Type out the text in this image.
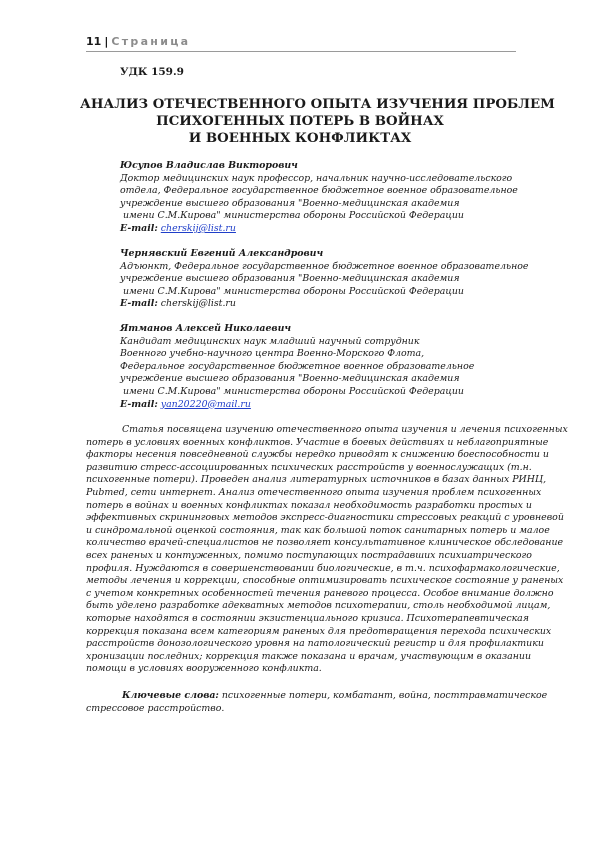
11 | Страница
УДК 159.9
АНАЛИЗ ОТЕЧЕСТВЕННОГО ОПЫТА ИЗУЧЕНИЯ ПРОБЛЕМ
ПСИХОГЕННЫХ ПОТЕРЬ В ВОЙНАХ
И ВОЕННЫХ КОНФЛИКТАХ
Юсупов Владислав Викторович
Доктор медицинских наук профессор, начальник научно-исследовательского
отдела, Федеральное государственное бюджетное военное образовательное
учреждение высшего образования "Военно-медицинская академия
имени С.М.Кирова" министерства обороны Российской Федерации
E-mail: cherskij@list.ru
Чернявский Евгений Александрович
Адъюнкт, Федеральное государственное бюджетное военное образовательное
учреждение высшего образования "Военно-медицинская академия
имени С.М.Кирова" министерства обороны Российской Федерации
E-mail: cherskij@list.ru
Ятманов Алексей Николаевич
Кандидат медицинских наук младший научный сотрудник
Военного учебно-научного центра Военно-Морского Флота,
Федеральное государственное бюджетное военное образовательное
учреждение высшего образования "Военно-медицинская академия
имени С.М.Кирова" министерства обороны Российской Федерации
E-mail: yan20220@mail.ru
Статья посвящена изучению отечественного опыта изучения и лечения психогенных
потерь в условиях военных конфликтов. Участие в боевых действиях и неблагоприятные
факторы несения повседневной службы нередко приводят к снижению боеспособности и
развитию стресс-ассоциированных психических расстройств у военнослужащих (т.н.
психогенные потери). Проведен анализ литературных источников в базах данных РИНЦ,
Pubmed, сети интернет. Анализ отечественного опыта изучения проблем психогенных
потерь в войнах и военных конфликтах показал необходимость разработки простых и
эффективных скрининговых методов экспресс-диагностики стрессовых реакций с уровневой
и синдромальной оценкой состояния, так как большой поток санитарных потерь и малое
количество врачей-специалистов не позволяет консультативное клиническое обследование
всех раненых и контуженных, помимо поступающих пострадавших психиатрического
профиля. Нуждаются в совершенствовании биологические, в т.ч. психофармакологические,
методы лечения и коррекции, способные оптимизировать психическое состояние у раненых
с учетом конкретных особенностей течения раневого процесса. Особое внимание должно
быть уделено разработке адекватных методов психотерапии, столь необходимой лицам,
которые находятся в состоянии экзистенциального кризиса. Психотерапевтическая
коррекция показана всем категориям раненых для предотвращения перехода психических
расстройств донозологического уровня на патологический регистр и для профилактики
хронизации последних; коррекция также показана и врачам, участвующим в оказании
помощи в условиях вооруженного конфликта.
Ключевые слова: психогенные потери, комбатант, война, посттравматическое
стрессовое расстройство.
